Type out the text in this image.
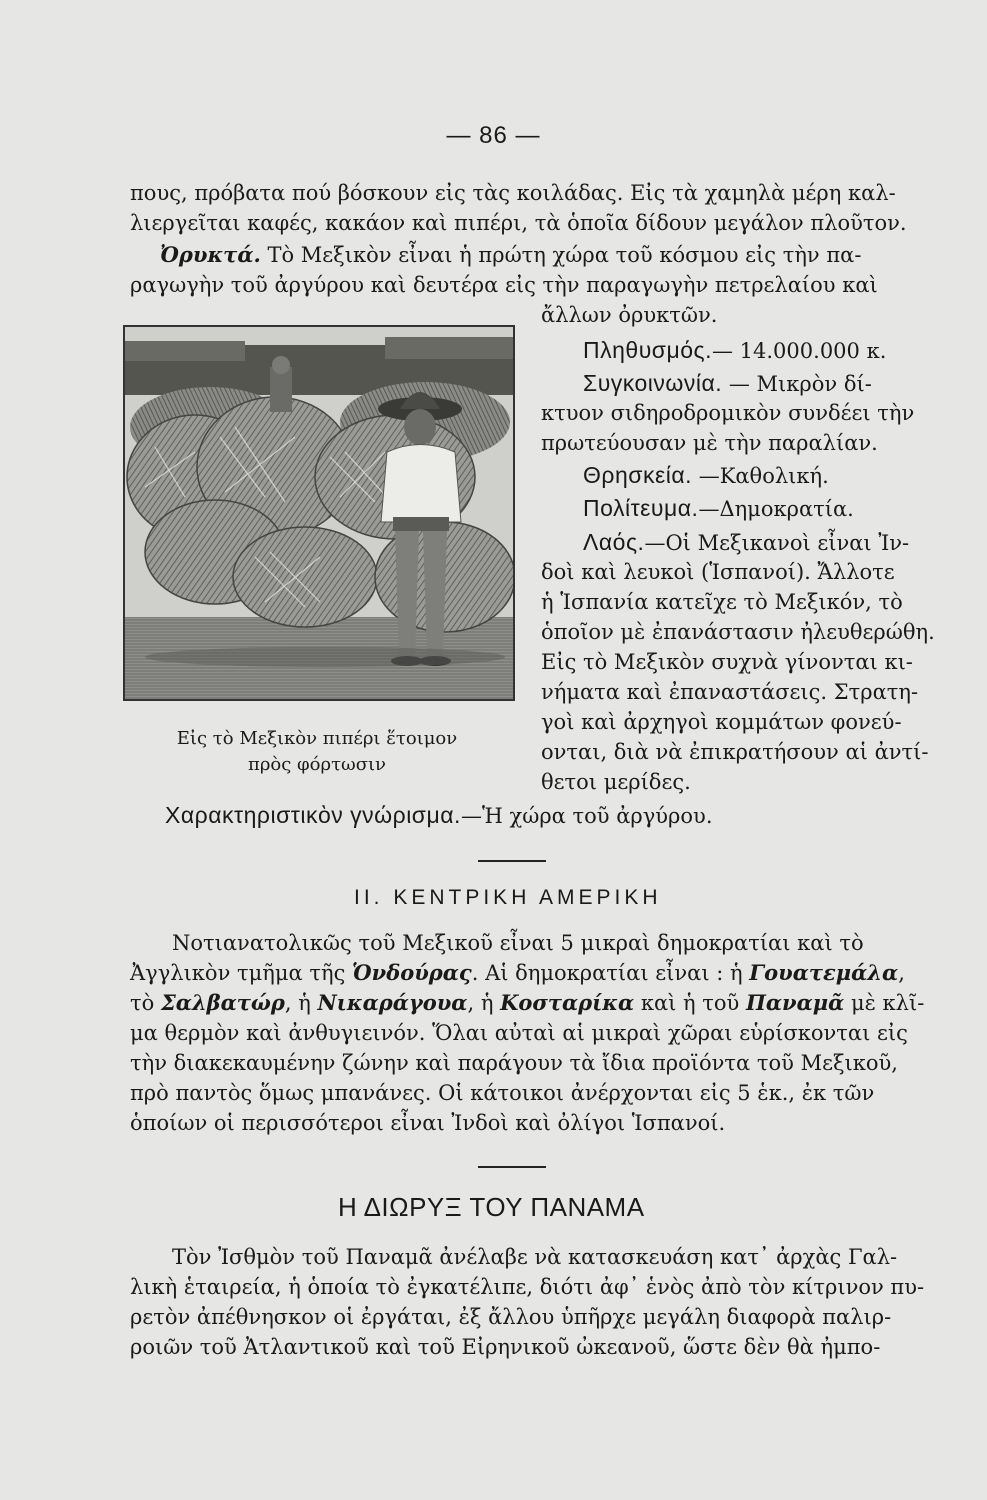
— 86 —
πους, πρόβατα πού βόσκουν εἰς τὰς κοιλάδας. Εἰς τὰ χαμηλὰ μέρη καλ-
λιεργεῖται καφές, κακάον καὶ πιπέρι, τὰ ὁποῖα δίδουν μεγάλον πλοῦτον.
Ὀρυκτά. Τὸ Μεξικὸν εἶναι ἡ πρώτη χώρα τοῦ κόσμου εἰς τὴν πα-
ραγωγὴν τοῦ ἀργύρου καὶ δευτέρα εἰς τὴν παραγωγὴν πετρελαίου καὶ
ἄλλων ὀρυκτῶν.
Πληθυσμός.— 14.000.000 κ.
Συγκοινωνία. — Μικρὸν δί-
κτυον σιδηροδρομικὸν συνδέει τὴν
πρωτεύουσαν μὲ τὴν παραλίαν.
Θρησκεία. —Καθολική.
Πολίτευμα.—Δημοκρατία.
Λαός.—Οἱ Μεξικανοὶ εἶναι Ἰν-
δοὶ καὶ λευκοὶ (Ἱσπανοί). Ἄλλοτε
ἡ Ἱσπανία κατεῖχε τὸ Μεξικόν, τὸ
ὁποῖον μὲ ἐπανάστασιν ἠλευθερώθη.
Εἰς τὸ Μεξικὸν συχνὰ γίνονται κι-
νήματα καὶ ἐπαναστάσεις. Στρατη-
γοὶ καὶ ἀρχηγοὶ κομμάτων φονεύ-
ονται, διὰ νὰ ἐπικρατήσουν αἱ ἀντί-
θετοι μερίδες.
Εἰς τὸ Μεξικὸν πιπέρι ἕτοιμον
πρὸς φόρτωσιν
Χαρακτηριστικὸν γνώρισμα.—Ἡ χώρα τοῦ ἀργύρου.
II. ΚΕΝΤΡΙΚΗ ΑΜΕΡΙΚΗ
Νοτιανατολικῶς τοῦ Μεξικοῦ εἶναι 5 μικραὶ δημοκρατίαι καὶ τὸ
Ἀγγλικὸν τμῆμα τῆς Ὁνδούρας. Αἱ δημοκρατίαι εἶναι : ἡ Γουατεμάλα,
τὸ Σαλβατώρ, ἡ Νικαράγουα, ἡ Κοσταρίκα καὶ ἡ τοῦ Παναμᾶ μὲ κλῖ-
μα θερμὸν καὶ ἀνθυγιεινόν. Ὅλαι αὐταὶ αἱ μικραὶ χῶραι εὑρίσκονται εἰς
τὴν διακεκαυμένην ζώνην καὶ παράγουν τὰ ἴδια προϊόντα τοῦ Μεξικοῦ,
πρὸ παντὸς ὅμως μπανάνες. Οἱ κάτοικοι ἀνέρχονται εἰς 5 ἑκ., ἐκ τῶν
ὁποίων οἱ περισσότεροι εἶναι Ἰνδοὶ καὶ ὀλίγοι Ἱσπανοί.
Η ΔΙΩΡΥΞ ΤΟΥ ΠΑΝΑΜΑ
Τὸν Ἰσθμὸν τοῦ Παναμᾶ ἀνέλαβε νὰ κατασκευάση κατ᾿ ἀρχὰς Γαλ-
λικὴ ἑταιρεία, ἡ ὁποία τὸ ἐγκατέλιπε, διότι ἀφ᾿ ἑνὸς ἀπὸ τὸν κίτρινον πυ-
ρετὸν ἀπέθνησκον οἱ ἐργάται, ἐξ ἄλλου ὑπῆρχε μεγάλη διαφορὰ παλιρ-
ροιῶν τοῦ Ἀτλαντικοῦ καὶ τοῦ Εἰρηνικοῦ ὠκεανοῦ, ὥστε δὲν θὰ ἠμπο-
